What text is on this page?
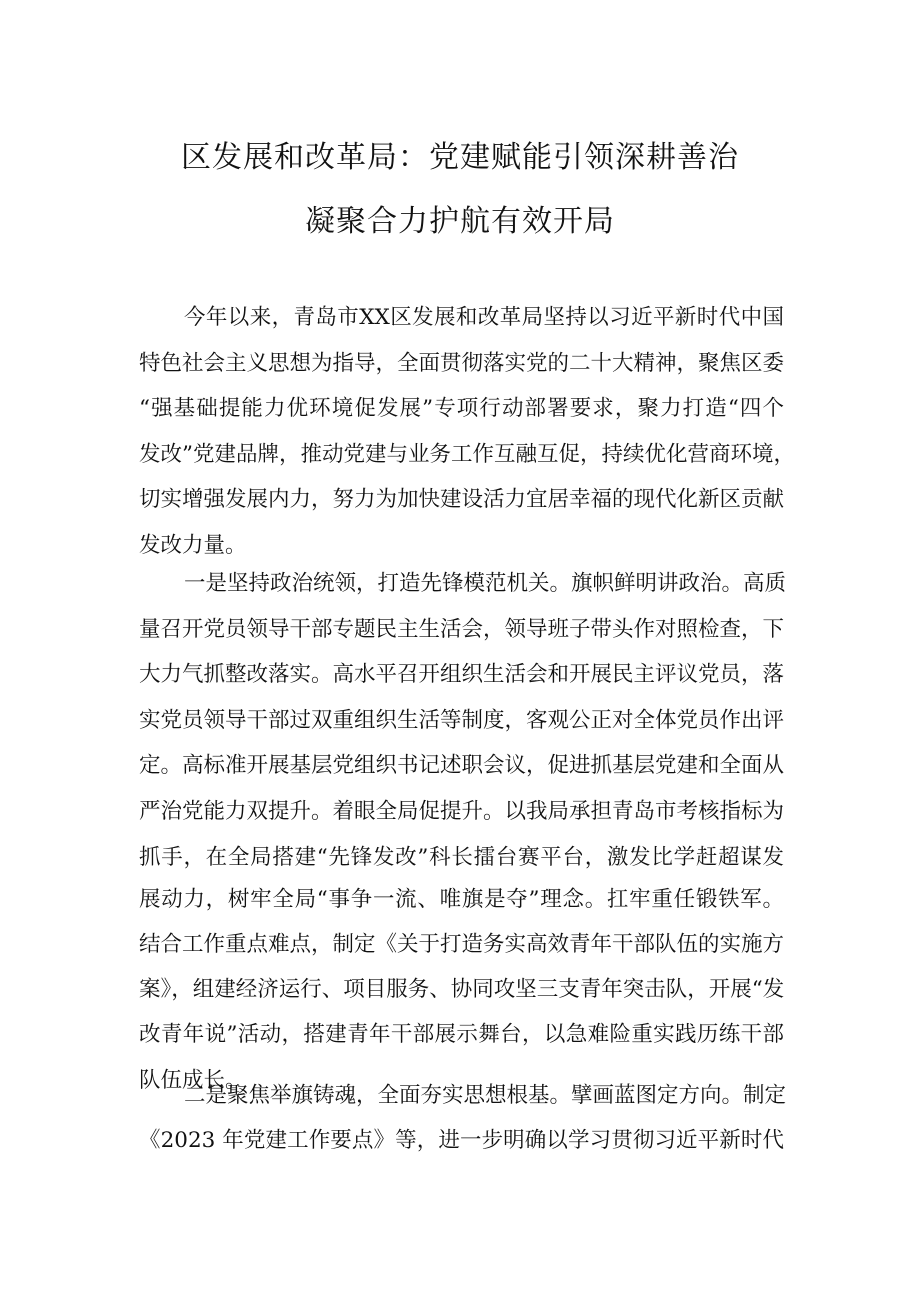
区发展和改革局：党建赋能引领深耕善治
凝聚合力护航有效开局
今年以来，青岛市XX区发展和改革局坚持以习近平新时代中国
特色社会主义思想为指导，全面贯彻落实党的二十大精神，聚焦区委
“强基础提能力优环境促发展”专项行动部署要求，聚力打造“四个
发改”党建品牌，推动党建与业务工作互融互促，持续优化营商环境，
切实增强发展内力，努力为加快建设活力宜居幸福的现代化新区贡献
发改力量。
一是坚持政治统领，打造先锋模范机关。旗帜鲜明讲政治。高质
量召开党员领导干部专题民主生活会，领导班子带头作对照检查，下
大力气抓整改落实。高水平召开组织生活会和开展民主评议党员，落
实党员领导干部过双重组织生活等制度，客观公正对全体党员作出评
定。高标准开展基层党组织书记述职会议，促进抓基层党建和全面从
严治党能力双提升。着眼全局促提升。以我局承担青岛市考核指标为
抓手，在全局搭建“先锋发改”科长擂台赛平台，激发比学赶超谋发
展动力，树牢全局“事争一流、唯旗是夺”理念。扛牢重任锻铁军。
结合工作重点难点，制定《关于打造务实高效青年干部队伍的实施方
案》，组建经济运行、项目服务、协同攻坚三支青年突击队，开展“发
改青年说”活动，搭建青年干部展示舞台，以急难险重实践历练干部
队伍成长。
二是聚焦举旗铸魂，全面夯实思想根基。擘画蓝图定方向。制定
《2023 年党建工作要点》等，进一步明确以学习贯彻习近平新时代
